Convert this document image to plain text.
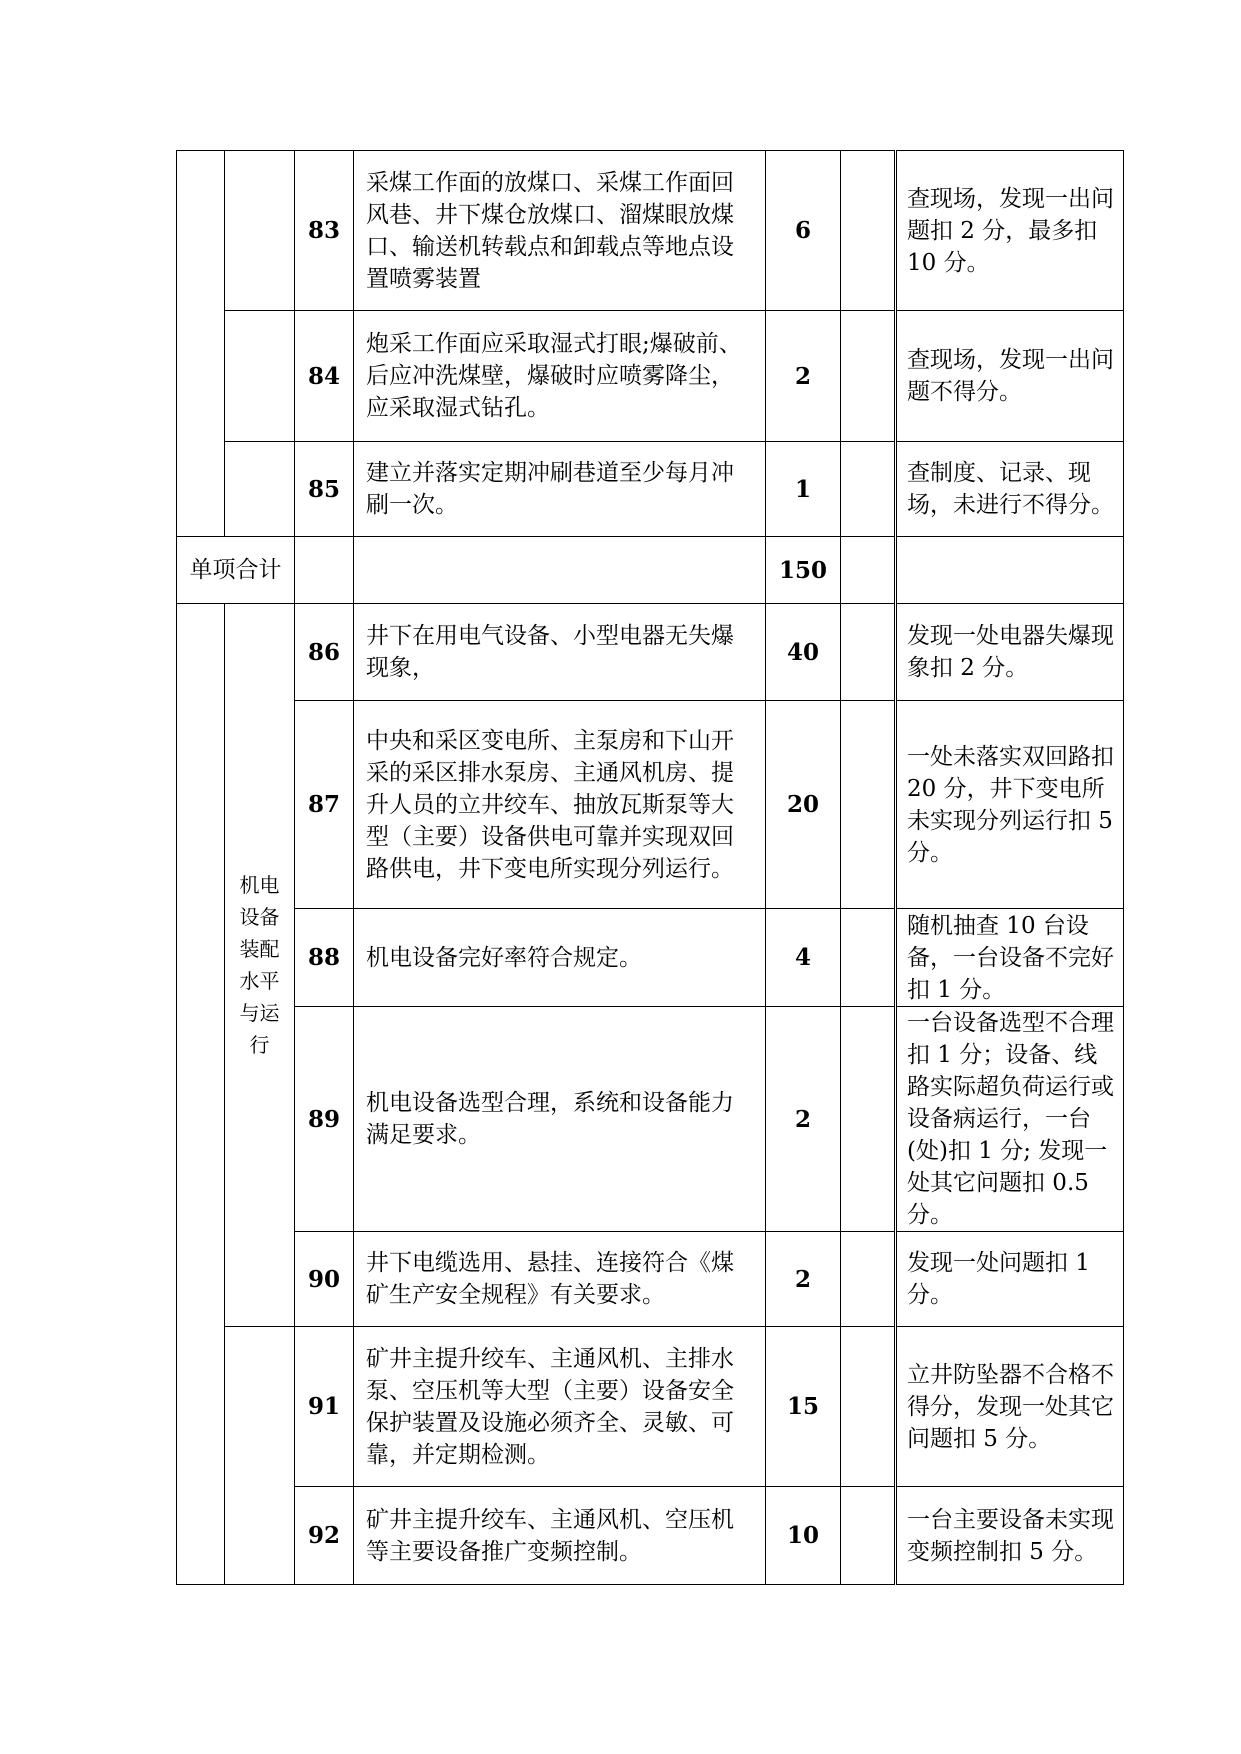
		83	采煤工作面的放煤口、采煤工作面回风巷、井下煤仓放煤口、溜煤眼放煤口、输送机转载点和卸载点等地点设置喷雾装置	6		查现场，发现一出问题扣 2 分，最多扣 10 分。
		84	炮采工作面应采取湿式打眼;爆破前、后应冲洗煤壁，爆破时应喷雾降尘，应采取湿式钻孔。	2		查现场，发现一出问题不得分。
		85	建立并落实定期冲刷巷道至少每月冲刷一次。	1		查制度、记录、现场，未进行不得分。
单项合计				150		

	机电设备装配水平与运行	86	井下在用电气设备、小型电器无失爆现象，	40		发现一处电器失爆现象扣 2 分。
		87	中央和采区变电所、主泵房和下山开采的采区排水泵房、主通风机房、提升人员的立井绞车、抽放瓦斯泵等大型（主要）设备供电可靠并实现双回路供电，井下变电所实现分列运行。	20		一处未落实双回路扣 20 分，井下变电所未实现分列运行扣 5 分。
		88	机电设备完好率符合规定。	4		随机抽查 10 台设备，一台设备不完好扣 1 分。
		89	机电设备选型合理，系统和设备能力满足要求。	2		一台设备选型不合理扣 1 分；设备、线路实际超负荷运行或设备病运行，一台(处)扣 1 分; 发现一处其它问题扣 0.5 分。
		90	井下电缆选用、悬挂、连接符合《煤矿生产安全规程》有关要求。	2		发现一处问题扣 1 分。
		91	矿井主提升绞车、主通风机、主排水泵、空压机等大型（主要）设备安全保护装置及设施必须齐全、灵敏、可靠，并定期检测。	15		立井防坠器不合格不得分，发现一处其它问题扣 5 分。
		92	矿井主提升绞车、主通风机、空压机等主要设备推广变频控制。	10		一台主要设备未实现变频控制扣 5 分。
